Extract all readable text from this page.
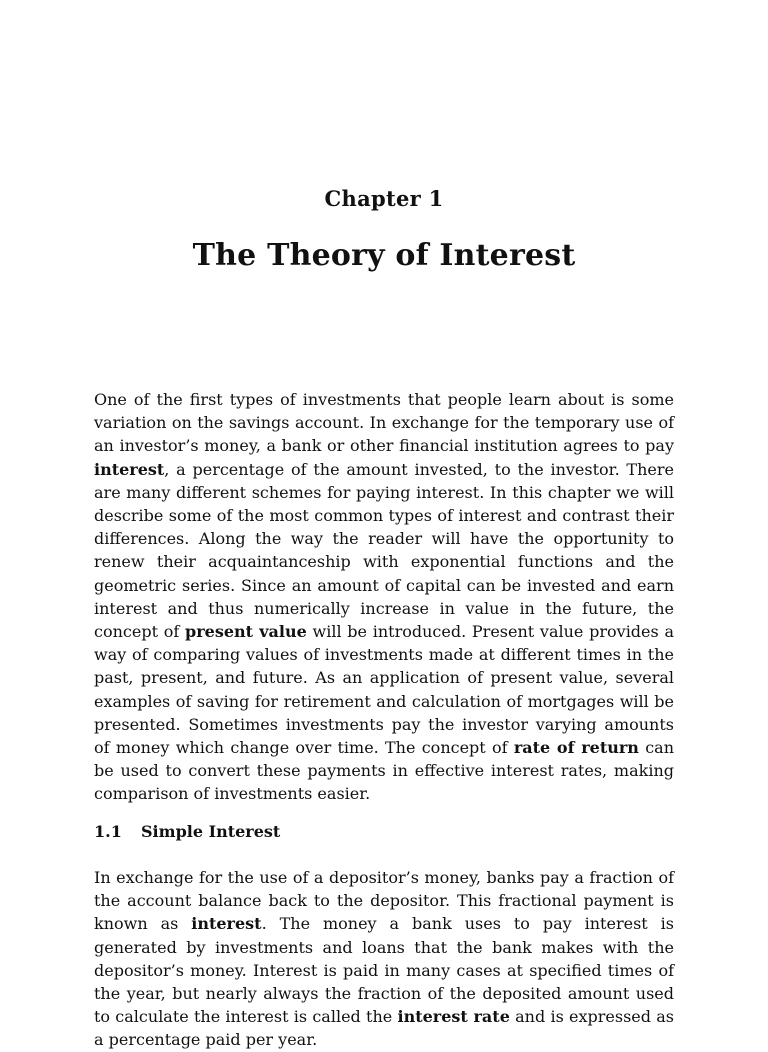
Chapter 1
The Theory of Interest

One of the first types of investments that people learn about is some variation on the savings account. In exchange for the temporary use of an investor’s money, a bank or other financial institution agrees to pay interest, a percentage of the amount invested, to the investor. There are many different schemes for paying interest. In this chapter we will describe some of the most common types of interest and contrast their differences. Along the way the reader will have the opportunity to renew their acquaintanceship with exponential functions and the geometric series. Since an amount of capital can be invested and earn interest and thus numerically increase in value in the future, the concept of present value will be introduced. Present value provides a way of comparing values of investments made at different times in the past, present, and future. As an application of present value, several examples of saving for retirement and calculation of mortgages will be presented. Sometimes investments pay the investor varying amounts of money which change over time. The concept of rate of return can be used to convert these payments in effective interest rates, making comparison of investments easier.

1.1 Simple Interest

In exchange for the use of a depositor’s money, banks pay a fraction of the account balance back to the depositor. This fractional payment is known as interest. The money a bank uses to pay interest is generated by investments and loans that the bank makes with the depositor’s money. Interest is paid in many cases at specified times of the year, but nearly always the fraction of the deposited amount used to calculate the interest is called the interest rate and is expressed as a percentage paid per year.
